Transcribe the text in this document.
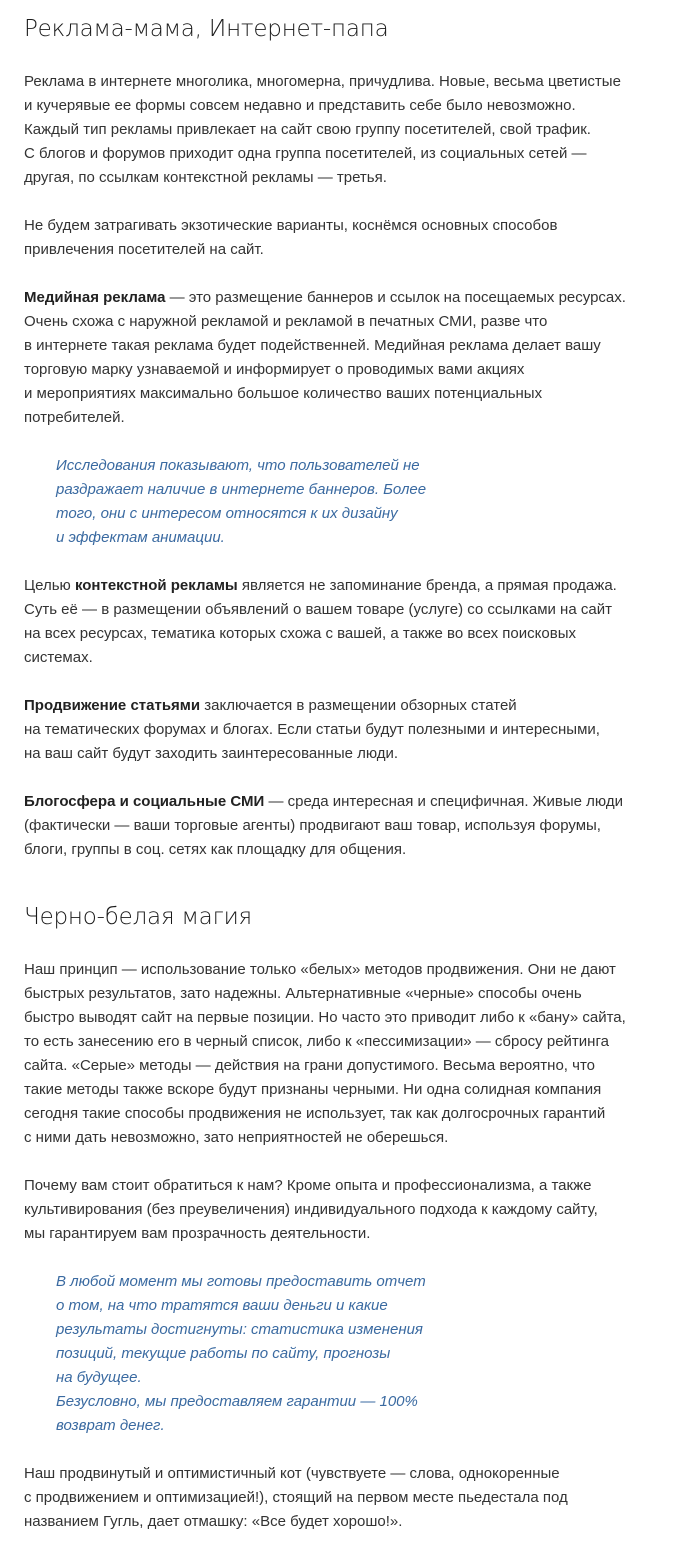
Реклама-мама, Интернет-папа

Реклама в интернете многолика, многомерна, причудлива. Новые, весьма цветистые
и кучерявые ее формы совсем недавно и представить себе было невозможно.
Каждый тип рекламы привлекает на сайт свою группу посетителей, свой трафик.
С блогов и форумов приходит одна группа посетителей, из социальных сетей —
другая, по ссылкам контекстной рекламы — третья.

Не будем затрагивать экзотические варианты, коснёмся основных способов
привлечения посетителей на сайт.

Медийная реклама — это размещение баннеров и ссылок на посещаемых ресурсах.
Очень схожа с наружной рекламой и рекламой в печатных СМИ, разве что
в интернете такая реклама будет подейственней. Медийная реклама делает вашу
торговую марку узнаваемой и информирует о проводимых вами акциях
и мероприятиях максимально большое количество ваших потенциальных
потребителей.

Исследования показывают, что пользователей не
раздражает наличие в интернете баннеров. Более
того, они с интересом относятся к их дизайну
и эффектам анимации.

Целью контекстной рекламы является не запоминание бренда, а прямая продажа.
Суть её — в размещении объявлений о вашем товаре (услуге) со ссылками на сайт
на всех ресурсах, тематика которых схожа с вашей, а также во всех поисковых
системах.

Продвижение статьями заключается в размещении обзорных статей
на тематических форумах и блогах. Если статьи будут полезными и интересными,
на ваш сайт будут заходить заинтересованные люди.

Блогосфера и социальные СМИ — среда интересная и специфичная. Живые люди
(фактически — ваши торговые агенты) продвигают ваш товар, используя форумы,
блоги, группы в соц. сетях как площадку для общения.

Черно-белая магия

Наш принцип — использование только «белых» методов продвижения. Они не дают
быстрых результатов, зато надежны. Альтернативные «черные» способы очень
быстро выводят сайт на первые позиции. Но часто это приводит либо к «бану» сайта,
то есть занесению его в черный список, либо к «пессимизации» — сбросу рейтинга
сайта. «Серые» методы — действия на грани допустимого. Весьма вероятно, что
такие методы также вскоре будут признаны черными. Ни одна солидная компания
сегодня такие способы продвижения не использует, так как долгосрочных гарантий
с ними дать невозможно, зато неприятностей не оберешься.

Почему вам стоит обратиться к нам? Кроме опыта и профессионализма, а также
культивирования (без преувеличения) индивидуального подхода к каждому сайту,
мы гарантируем вам прозрачность деятельности.

В любой момент мы готовы предоставить отчет
о том, на что тратятся ваши деньги и какие
результаты достигнуты: статистика изменения
позиций, текущие работы по сайту, прогнозы
на будущее.
Безусловно, мы предоставляем гарантии — 100%
возврат денег.

Наш продвинутый и оптимистичный кот (чувствуете — слова, однокоренные
с продвижением и оптимизацией!), стоящий на первом месте пьедестала под
названием Гугль, дает отмашку: «Все будет хорошо!».
